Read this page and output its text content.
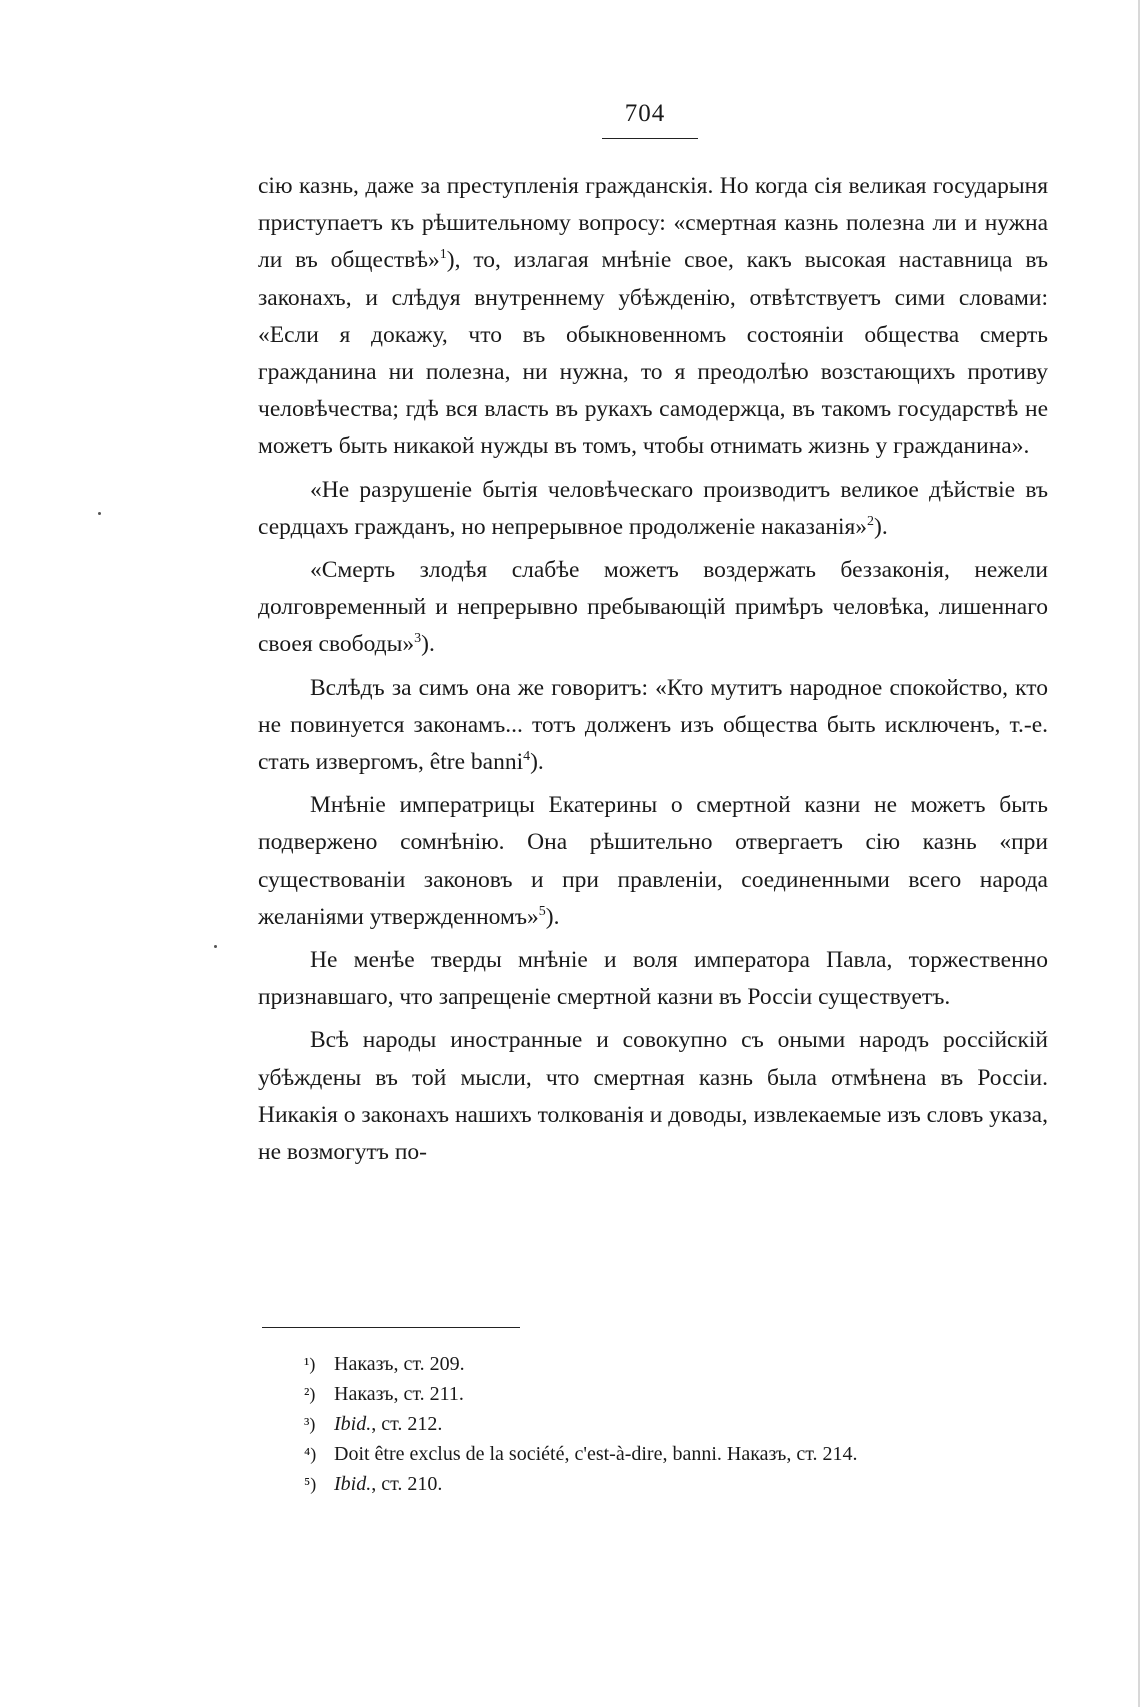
704

сію казнь, даже за преступленія гражданскія. Но когда сія великая государыня приступаетъ къ рѣшительному вопросу: «смертная казнь полезна ли и нужна ли въ обществѣ»$^1$), то, излагая мнѣніе свое, какъ высокая наставница въ законахъ, и слѣдуя внутреннему убѣжденію, отвѣтствуетъ сими словами: «Если я докажу, что въ обыкновенномъ состояніи общества смерть гражданина ни полезна, ни нужна, то я преодолѣю возстающихъ противу человѣчества; гдѣ вся власть въ рукахъ самодержца, въ такомъ государствѣ не можетъ быть никакой нужды въ томъ, чтобы отнимать жизнь у гражданина».

«Не разрушеніе бытія человѣческаго производитъ великое дѣйствіе въ сердцахъ гражданъ, но непрерывное продолженіе наказанія»$^2$).

«Смерть злодѣя слабѣе можетъ воздержать беззаконія, нежели долговременный и непрерывно пребывающій примѣръ человѣка, лишеннаго своея свободы»$^3$).

Вслѣдъ за симъ она же говоритъ: «Кто мутитъ народное спокойство, кто не повинуется законамъ... тотъ долженъ изъ общества быть исключенъ, т.-е. стать извергомъ, être banni$^4$).

Мнѣніе императрицы Екатерины о смертной казни не можетъ быть подвержено сомнѣнію. Она рѣшительно отвергаетъ сію казнь «при существованіи законовъ и при правленіи, соединенными всего народа желаніями утвержденномъ»$^5$).

Не менѣе тверды мнѣніе и воля императора Павла, торжественно признавшаго, что запрещеніе смертной казни въ Россіи существуетъ.

Всѣ народы иностранные и совокупно съ оными народъ россійскій убѣждены въ той мысли, что смертная казнь была отмѣнена въ Россіи. Никакія о законахъ нашихъ толкованія и доводы, извлекаемые изъ словъ указа, не возмогутъ по-

¹) Наказъ, ст. 209.
²) Наказъ, ст. 211.
³) Ibid., ст. 212.
⁴) Doit être exclus de la société, c'est-à-dire, banni. Наказъ, ст. 214.
⁵) Ibid., ст. 210.
